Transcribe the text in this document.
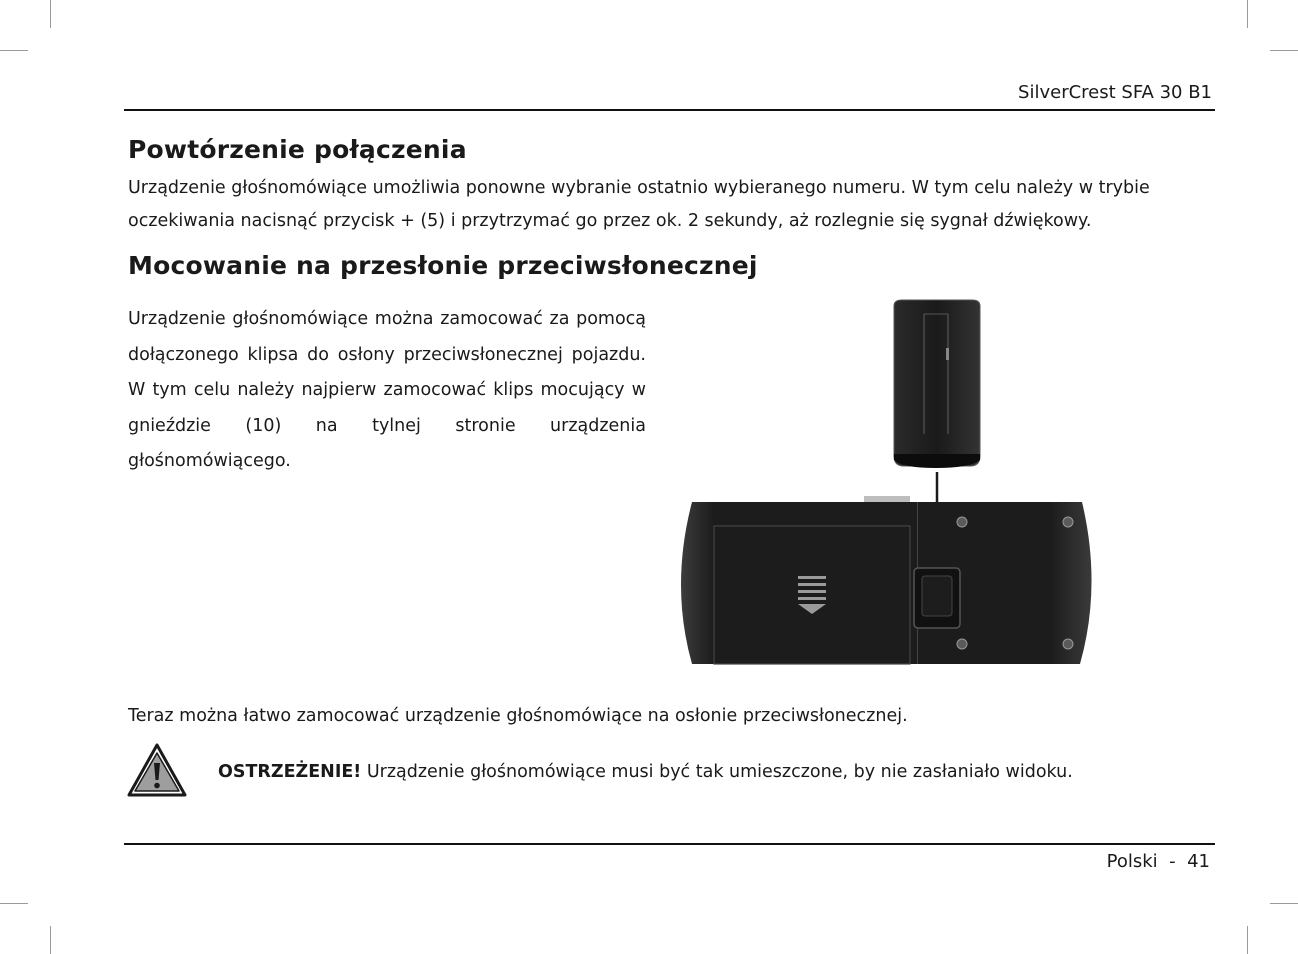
SilverCrest SFA 30 B1
Powtórzenie połączenia

Urządzenie głośnomówiące umożliwia ponowne wybranie ostatnio wybieranego numeru. W tym celu należy w trybie oczekiwania nacisnąć przycisk + (5) i przytrzymać go przez ok. 2 sekundy, aż rozlegnie się sygnał dźwiękowy.

Mocowanie na przesłonie przeciwsłonecznej

Urządzenie głośnomówiące można zamocować za pomocą dołączonego klipsa do osłony przeciwsłonecznej pojazdu. W tym celu należy najpierw zamocować klips mocujący w gnieździe (10) na tylnej stronie urządzenia głośnomówiącego.

Teraz można łatwo zamocować urządzenie głośnomówiące na osłonie przeciwsłonecznej.

OSTRZEŻENIE! Urządzenie głośnomówiące musi być tak umieszczone, by nie zasłaniało widoku.

Polski - 41
